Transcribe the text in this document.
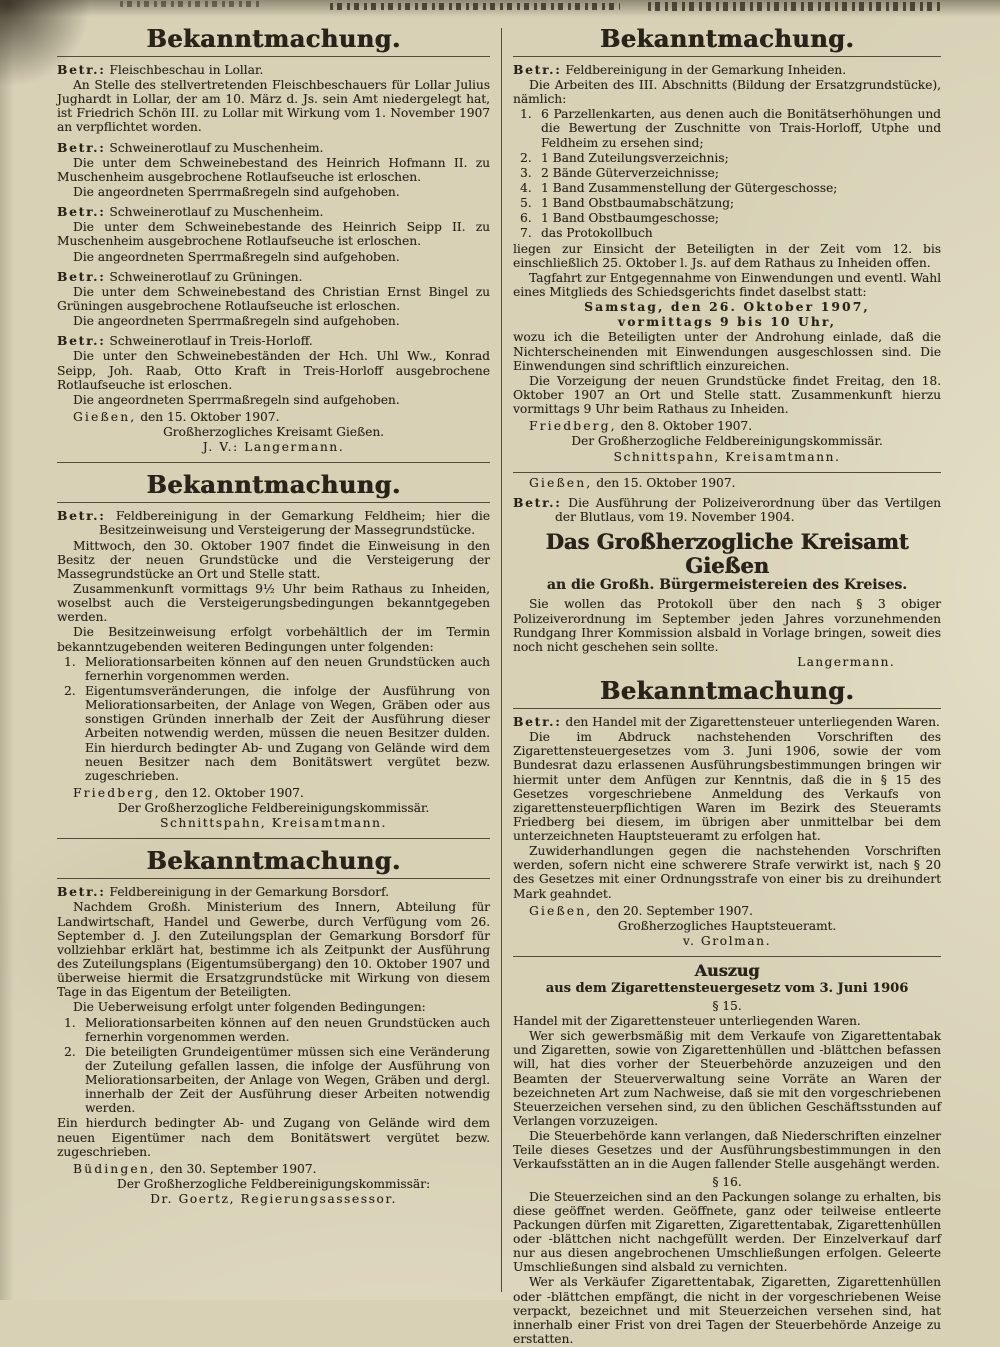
Bekanntmachung.
Betr.: Fleischbeschau in Lollar.
An Stelle des stellvertretenden Fleischbeschauers für Lollar Julius Jughardt in Lollar, der am 10. März d. Js. sein Amt niedergelegt hat, ist Friedrich Schön III. zu Lollar mit Wirkung vom 1. November 1907 an verpflichtet worden.
Betr.: Schweinerotlauf zu Muschenheim.
Die unter dem Schweinebestand des Heinrich Hofmann II. zu Muschenheim ausgebrochene Rotlaufseuche ist erloschen.
Die angeordneten Sperrmaßregeln sind aufgehoben.
Betr.: Schweinerotlauf zu Muschenheim.
Die unter dem Schweinebestande des Heinrich Seipp II. zu Muschenheim ausgebrochene Rotlaufseuche ist erloschen.
Die angeordneten Sperrmaßregeln sind aufgehoben.
Betr.: Schweinerotlauf zu Grüningen.
Die unter dem Schweinebestand des Christian Ernst Bingel zu Grüningen ausgebrochene Rotlaufseuche ist erloschen.
Die angeordneten Sperrmaßregeln sind aufgehoben.
Betr.: Schweinerotlauf in Treis-Horloff.
Die unter den Schweinebeständen der Hch. Uhl Ww., Konrad Seipp, Joh. Raab, Otto Kraft in Treis-Horloff ausgebrochene Rotlaufseuche ist erloschen.
Die angeordneten Sperrmaßregeln sind aufgehoben.
Gießen, den 15. Oktober 1907.
Großherzogliches Kreisamt Gießen.
J. V.: Langermann.
Bekanntmachung.
Betr.: Feldbereinigung in der Gemarkung Feldheim; hier die Besitzeinweisung und Versteigerung der Massegrundstücke.
Mittwoch, den 30. Oktober 1907 findet die Einweisung in den Besitz der neuen Grundstücke und die Versteigerung der Massegrundstücke an Ort und Stelle statt.
Zusammenkunft vormittags 9½ Uhr beim Rathaus zu Inheiden, woselbst auch die Versteigerungsbedingungen bekanntgegeben werden.
Die Besitzeinweisung erfolgt vorbehältlich der im Termin bekanntzugebenden weiteren Bedingungen unter folgenden:
1. Meliorationsarbeiten können auf den neuen Grundstücken auch fernerhin vorgenommen werden.
2. Eigentumsveränderungen, die infolge der Ausführung von Meliorationsarbeiten, der Anlage von Wegen, Gräben oder aus sonstigen Gründen innerhalb der Zeit der Ausführung dieser Arbeiten notwendig werden, müssen die neuen Besitzer dulden. Ein hierdurch bedingter Ab- und Zugang von Gelände wird dem neuen Besitzer nach dem Bonitätswert vergütet bezw. zugeschrieben.
Friedberg, den 12. Oktober 1907.
Der Großherzogliche Feldbereinigungskommissär.
Schnittspahn, Kreisamtmann.
Bekanntmachung.
Betr.: Feldbereinigung in der Gemarkung Borsdorf.
Nachdem Großh. Ministerium des Innern, Abteilung für Landwirtschaft, Handel und Gewerbe, durch Verfügung vom 26. September d. J. den Zuteilungsplan der Gemarkung Borsdorf für vollziehbar erklärt hat, bestimme ich als Zeitpunkt der Ausführung des Zuteilungsplans (Eigentumsübergang) den 10. Oktober 1907 und überweise hiermit die Ersatzgrundstücke mit Wirkung von diesem Tage in das Eigentum der Beteiligten.
Die Ueberweisung erfolgt unter folgenden Bedingungen:
1. Meliorationsarbeiten können auf den neuen Grundstücken auch fernerhin vorgenommen werden.
2. Die beteiligten Grundeigentümer müssen sich eine Veränderung der Zuteilung gefallen lassen, die infolge der Ausführung von Meliorationsarbeiten, der Anlage von Wegen, Gräben und dergl. innerhalb der Zeit der Ausführung dieser Arbeiten notwendig werden.
Ein hierdurch bedingter Ab- und Zugang von Gelände wird dem neuen Eigentümer nach dem Bonitätswert vergütet bezw. zugeschrieben.
Büdingen, den 30. September 1907.
Der Großherzogliche Feldbereinigungskommissär:
Dr. Goertz, Regierungsassessor.
Bekanntmachung.
Betr.: Feldbereinigung in der Gemarkung Inheiden.
Die Arbeiten des III. Abschnitts (Bildung der Ersatzgrundstücke), nämlich:
1. 6 Parzellenkarten, aus denen auch die Bonitätserhöhungen und die Bewertung der Zuschnitte von Trais-Horloff, Utphe und Feldheim zu ersehen sind;
2. 1 Band Zuteilungsverzeichnis;
3. 2 Bände Güterverzeichnisse;
4. 1 Band Zusammenstellung der Gütergeschosse;
5. 1 Band Obstbaumabschätzung;
6. 1 Band Obstbaumgeschosse;
7. das Protokollbuch
liegen zur Einsicht der Beteiligten in der Zeit vom 12. bis einschließlich 25. Oktober l. Js. auf dem Rathaus zu Inheiden offen.
Tagfahrt zur Entgegennahme von Einwendungen und eventl. Wahl eines Mitglieds des Schiedsgerichts findet daselbst statt:
Samstag, den 26. Oktober 1907,
vormittags 9 bis 10 Uhr,
wozu ich die Beteiligten unter der Androhung einlade, daß die Nichterscheinenden mit Einwendungen ausgeschlossen sind. Die Einwendungen sind schriftlich einzureichen.
Die Vorzeigung der neuen Grundstücke findet Freitag, den 18. Oktober 1907 an Ort und Stelle statt. Zusammenkunft hierzu vormittags 9 Uhr beim Rathaus zu Inheiden.
Friedberg, den 8. Oktober 1907.
Der Großherzogliche Feldbereinigungskommissär.
Schnittspahn, Kreisamtmann.
Gießen, den 15. Oktober 1907.
Betr.: Die Ausführung der Polizeiverordnung über das Vertilgen der Blutlaus, vom 19. November 1904.
Das Großherzogliche Kreisamt Gießen
an die Großh. Bürgermeistereien des Kreises.
Sie wollen das Protokoll über den nach § 3 obiger Polizeiverordnung im September jeden Jahres vorzunehmenden Rundgang Ihrer Kommission alsbald in Vorlage bringen, soweit dies noch nicht geschehen sein sollte.
Langermann.
Bekanntmachung.
Betr.: den Handel mit der Zigarettensteuer unterliegenden Waren.
Die im Abdruck nachstehenden Vorschriften des Zigarettensteuergesetzes vom 3. Juni 1906, sowie der vom Bundesrat dazu erlassenen Ausführungsbestimmungen bringen wir hiermit unter dem Anfügen zur Kenntnis, daß die in § 15 des Gesetzes vorgeschriebene Anmeldung des Verkaufs von zigarettensteuerpflichtigen Waren im Bezirk des Steueramts Friedberg bei diesem, im übrigen aber unmittelbar bei dem unterzeichneten Hauptsteueramt zu erfolgen hat.
Zuwiderhandlungen gegen die nachstehenden Vorschriften werden, sofern nicht eine schwerere Strafe verwirkt ist, nach § 20 des Gesetzes mit einer Ordnungsstrafe von einer bis zu dreihundert Mark geahndet.
Gießen, den 20. September 1907.
Großherzogliches Hauptsteueramt.
v. Grolman.
Auszug
aus dem Zigarettensteuergesetz vom 3. Juni 1906
§ 15.
Handel mit der Zigarettensteuer unterliegenden Waren.
Wer sich gewerbsmäßig mit dem Verkaufe von Zigarettentabak und Zigaretten, sowie von Zigarettenhüllen und -blättchen befassen will, hat dies vorher der Steuerbehörde anzuzeigen und den Beamten der Steuerverwaltung seine Vorräte an Waren der bezeichneten Art zum Nachweise, daß sie mit den vorgeschriebenen Steuerzeichen versehen sind, zu den üblichen Geschäftsstunden auf Verlangen vorzuzeigen.
Die Steuerbehörde kann verlangen, daß Niederschriften einzelner Teile dieses Gesetzes und der Ausführungsbestimmungen in den Verkaufsstätten an in die Augen fallender Stelle ausgehängt werden.
§ 16.
Die Steuerzeichen sind an den Packungen solange zu erhalten, bis diese geöffnet werden. Geöffnete, ganz oder teilweise entleerte Packungen dürfen mit Zigaretten, Zigarettentabak, Zigarettenhüllen oder -blättchen nicht nachgefüllt werden. Der Einzelverkauf darf nur aus diesen angebrochenen Umschließungen erfolgen. Geleerte Umschließungen sind alsbald zu vernichten.
Wer als Verkäufer Zigarettentabak, Zigaretten, Zigarettenhüllen oder -blättchen empfängt, die nicht in der vorgeschriebenen Weise verpackt, bezeichnet und mit Steuerzeichen versehen sind, hat innerhalb einer Frist von drei Tagen der Steuerbehörde Anzeige zu erstatten.
